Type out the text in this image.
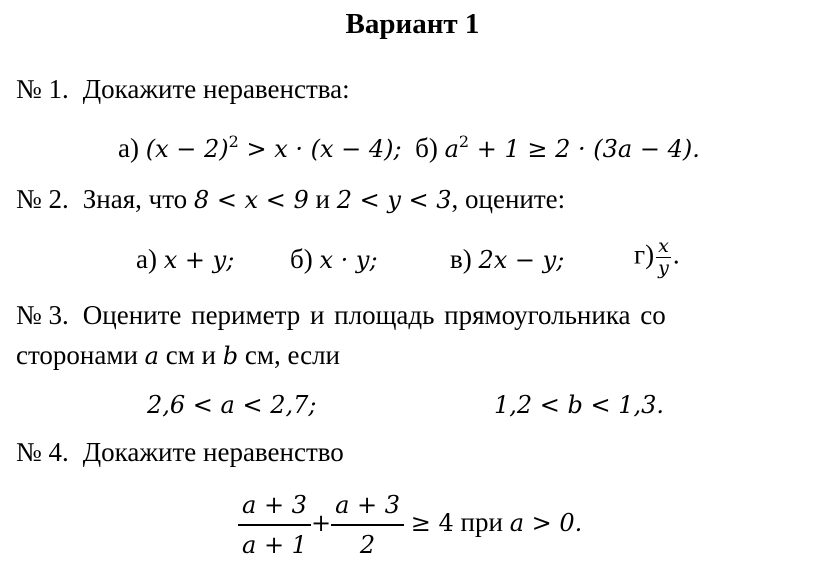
Вариант 1
№ 1. Докажите неравенства:
а) $(x - 2)^2 > x \cdot (x - 4)$; б) $a^2 + 1 \ge 2 \cdot (3a - 4)$.
№ 2. Зная, что 8 < x < 9 и 2 < y < 3, оцените:
а) x + y; б) x · y;	в) 2x − y;	$г) \frac{x}{y}$ .
№ 3. Оцените периметр и площадь прямоугольника со
сторонами a см и b см, если
2,6 < a < 2,7;	1,2 < b < 1,3.
№ 4. Докажите неравенство
$\frac{a + 3}{a + 1} + \frac{a + 3}{2} \ge 4$ при a > 0.
